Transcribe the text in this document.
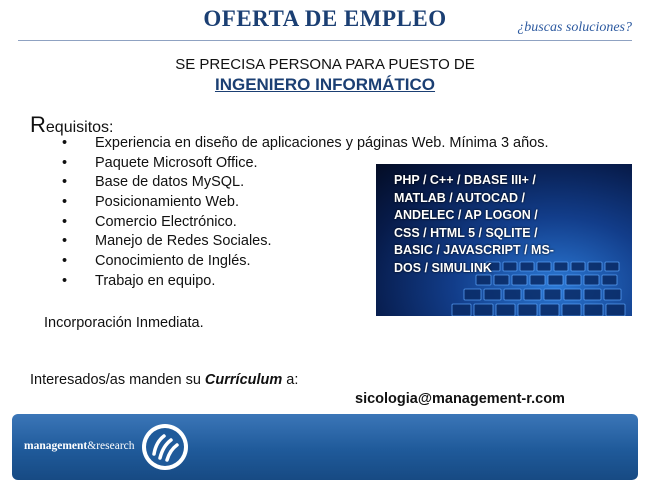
OFERTA DE EMPLEO	¿buscas soluciones?
SE PRECISA PERSONA PARA PUESTO DE
INGENIERO INFORMÁTICO
Requisitos:
• Experiencia en diseño de aplicaciones y páginas Web. Mínima 3 años.
• Paquete Microsoft Office.
• Base de datos MySQL.
• Posicionamiento Web.
• Comercio Electrónico.
• Manejo de Redes Sociales.
• Conocimiento de Inglés.
• Trabajo en equipo.
PHP / C++ / DBASE III+ /
MATLAB / AUTOCAD /
ANDELEC / AP LOGON /
CSS / HTML 5 / SQLITE /
BASIC / JAVASCRIPT / MS-
DOS / SIMULINK
Incorporación Inmediata.
Interesados/as manden su Currículum a:
sicologia@management-r.com
management&research
